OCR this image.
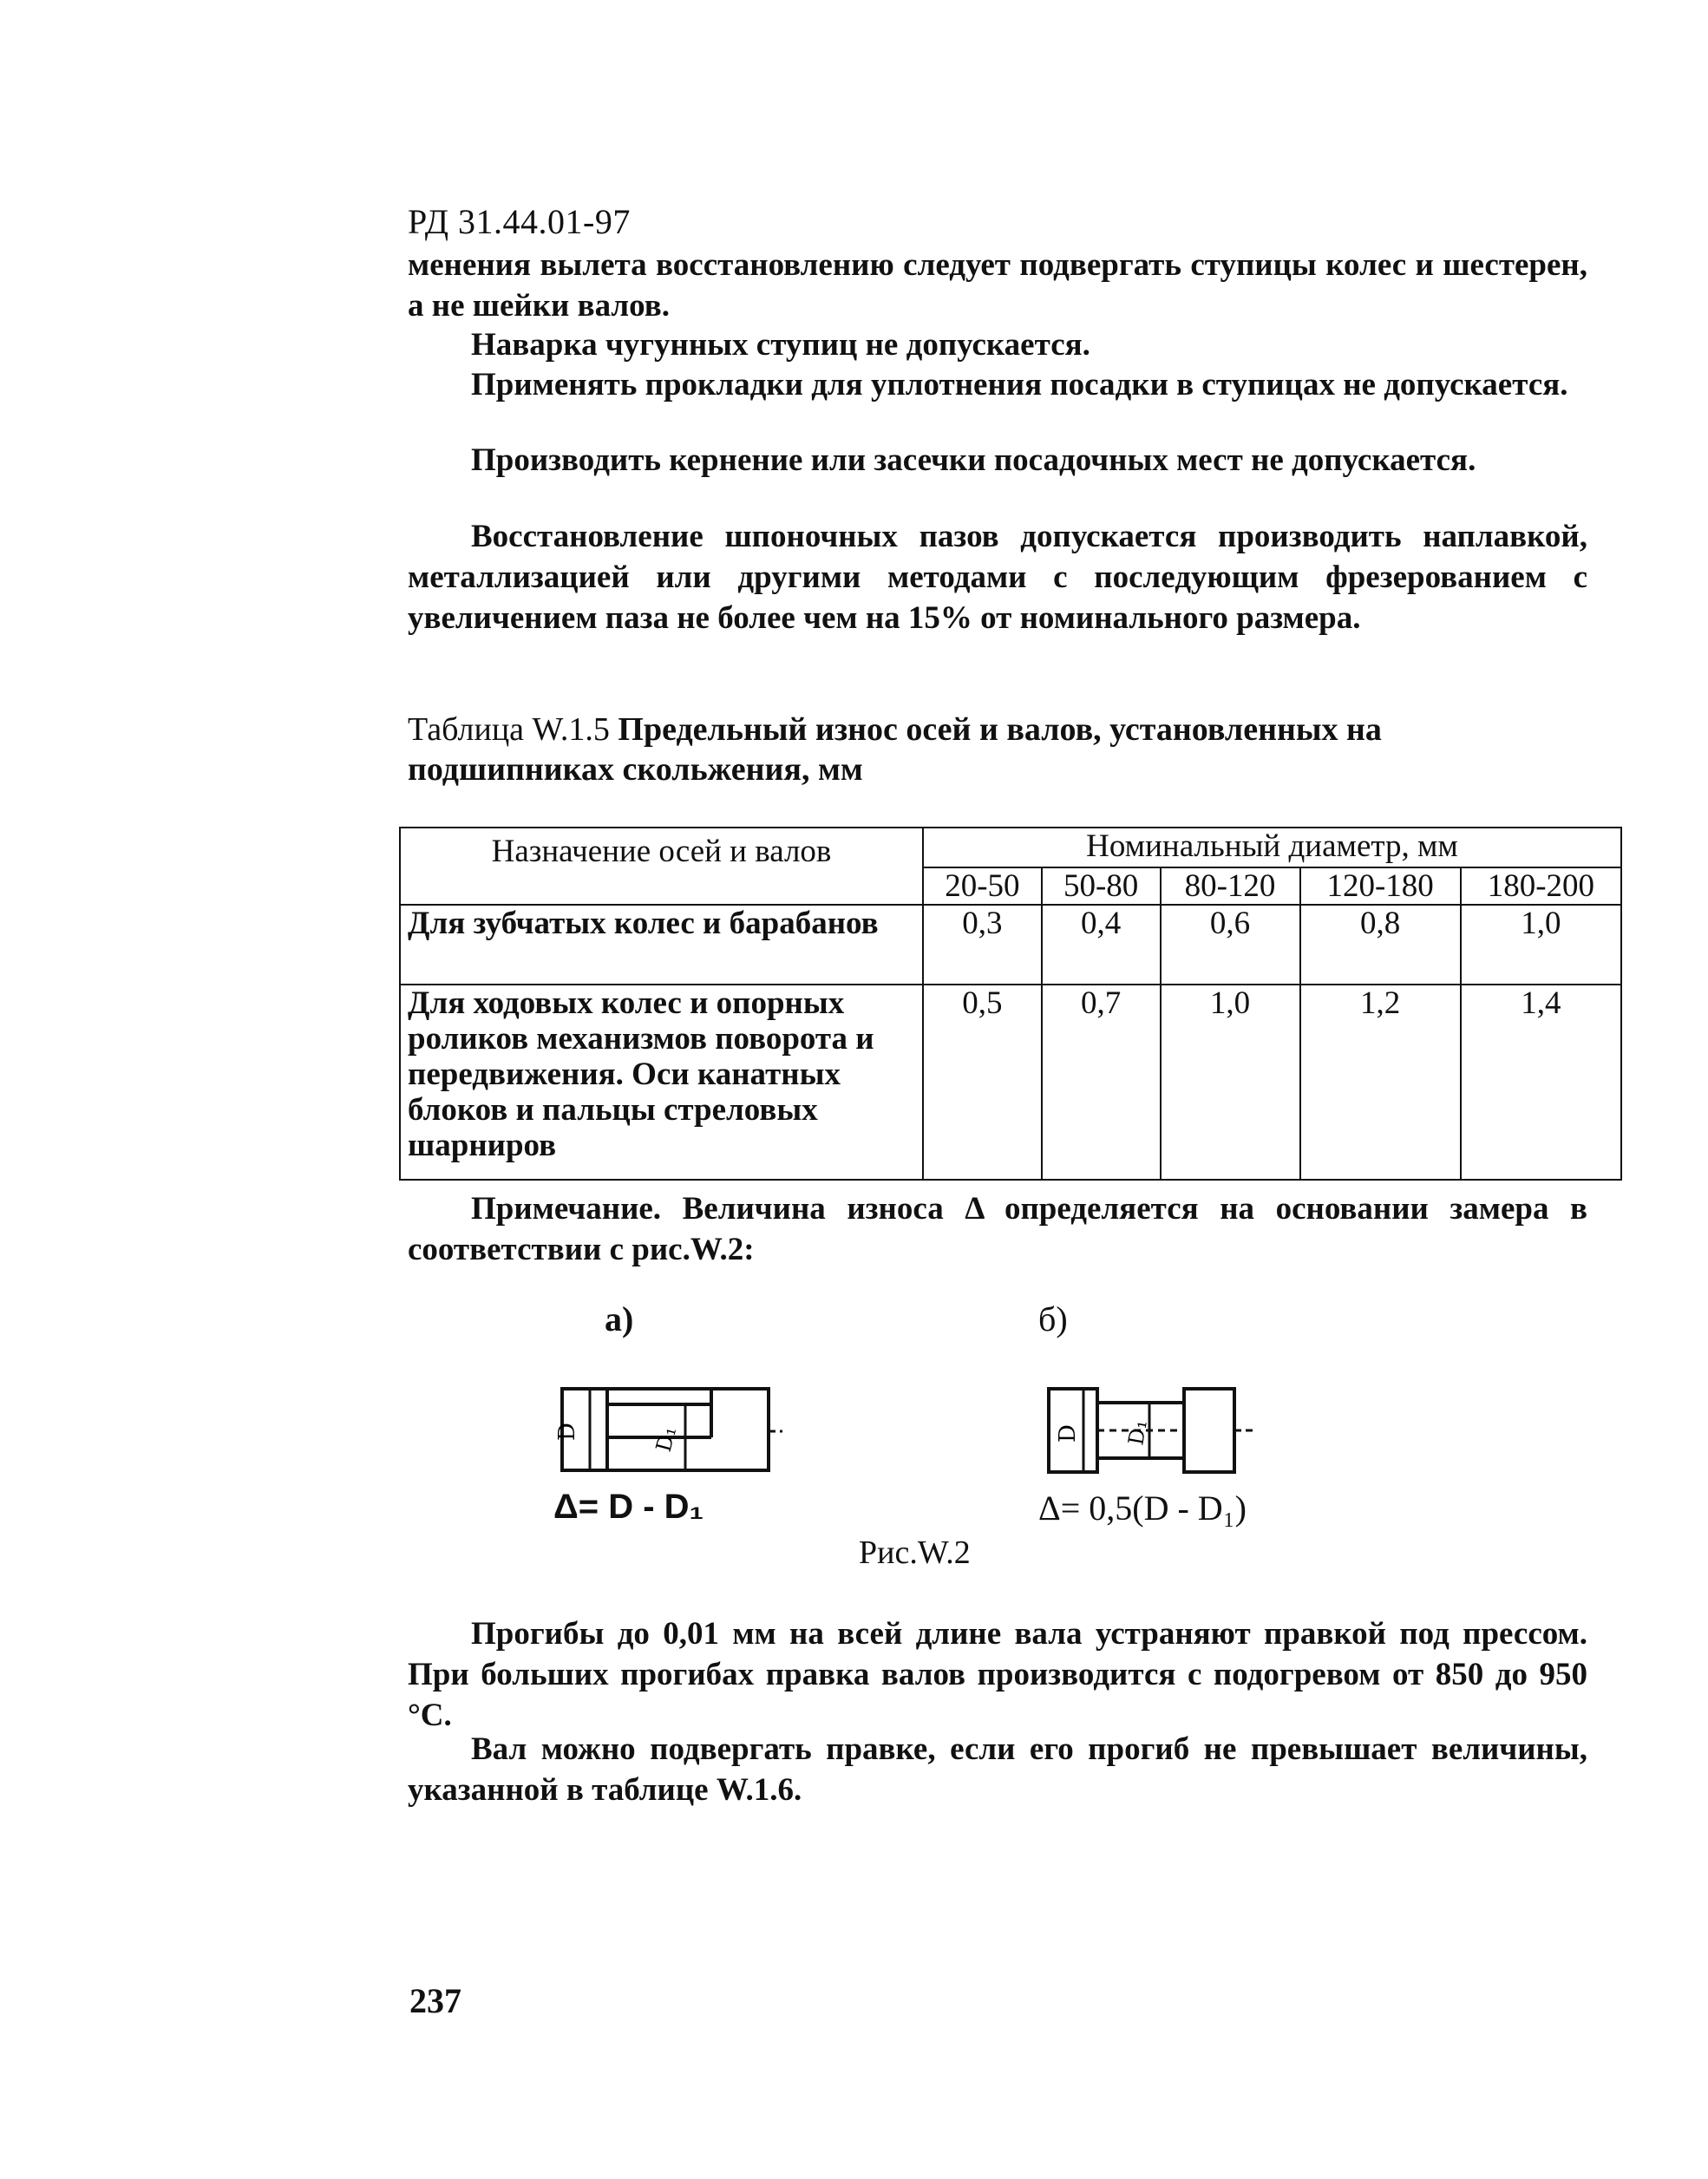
РД 31.44.01-97

менения вылета восстановлению следует подвергать ступицы колес и шестерен, а не шейки валов.

Наварка чугунных ступиц не допускается.

Применять прокладки для уплотнения посадки в ступицах не допускается.

Производить кернение или засечки посадочных мест не допускается.

Восстановление шпоночных пазов допускается производить наплавкой, металлизацией или другими методами с последующим фрезерованием с увеличением паза не более чем на 15% от номинального размера.

Таблица W.1.5 Предельный износ осей и валов, установленных на подшипниках скольжения, мм
Назначение осей и валов	Номинальный диаметр, мм				
	20-50	50-80	80-120	120-180	180-200
Для зубчатых колес и барабанов	0,3	0,4	0,6	0,8	1,0
Для ходовых колес и опорных роликов механизмов поворота и передвижения. Оси канатных блоков и пальцы стреловых шарниров	0,5	0,7	1,0	1,2	1,4

Примечание. Величина износа Δ определяется на основании замера в соответствии с рис.W.2:

а)	б)
D	D₁	D D₁
Δ= D - D₁	Δ= 0,5(D - D₁)
Рис.W.2

Прогибы до 0,01 мм на всей длине вала устраняют правкой под прессом. При больших прогибах правка валов производится с подогревом от 850 до 950 °С.

Вал можно подвергать правке, если его прогиб не превышает величины, указанной в таблице W.1.6.

237
